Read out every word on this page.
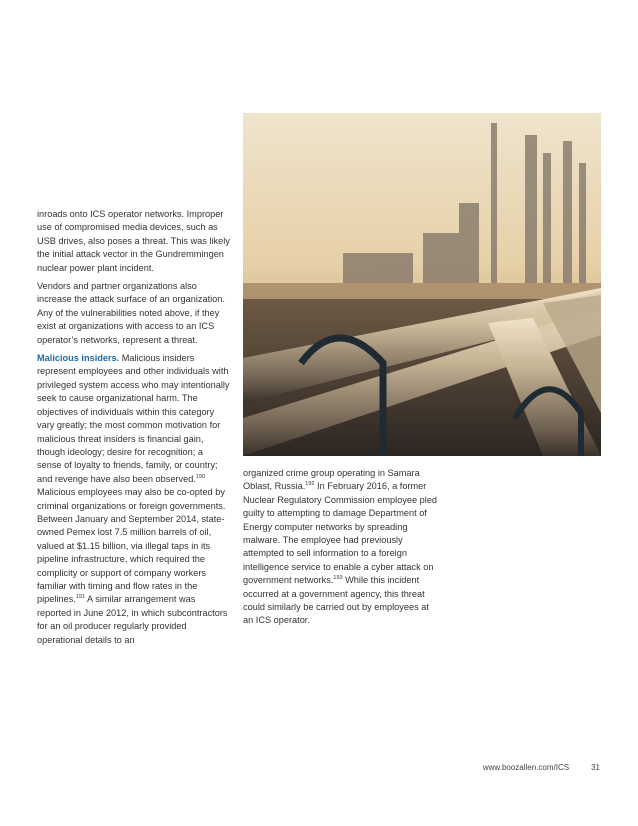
inroads onto ICS operator networks. Improper use of compromised media devices, such as USB drives, also poses a threat. This was likely the initial attack vector in the Gundremmingen nuclear power plant incident.

Vendors and partner organizations also increase the attack surface of an organization. Any of the vulnerabilities noted above, if they exist at organizations with access to an ICS operator’s networks, represent a threat.

Malicious insiders. Malicious insiders represent employees and other individuals with privileged system access who may intentionally seek to cause organizational harm. The objectives of individuals within this category vary greatly; the most common motivation for malicious threat insiders is financial gain, though ideology; desire for recognition; a sense of loyalty to friends, family, or country; and revenge have also been observed.$^{190}$ Malicious employees may also be co-opted by criminal organizations or foreign governments. Between January and September 2014, state-owned Pemex lost 7.5 million barrels of oil, valued at $1.15 billion, via illegal taps in its pipeline infrastructure, which required the complicity or support of company workers familiar with timing and flow rates in the pipelines.$^{191}$ A similar arrangement was reported in June 2012, in which subcontractors for an oil producer regularly provided operational details to an

organized crime group operating in Samara Oblast, Russia.$^{192}$ In February 2016, a former Nuclear Regulatory Commission employee pled guilty to attempting to damage Department of Energy computer networks by spreading malware. The employee had previously attempted to sell information to a foreign intelligence service to enable a cyber attack on government networks.$^{193}$ While this incident occurred at a government agency, this threat could similarly be carried out by employees at an ICS operator.

www.boozallen.com/ICS	31
